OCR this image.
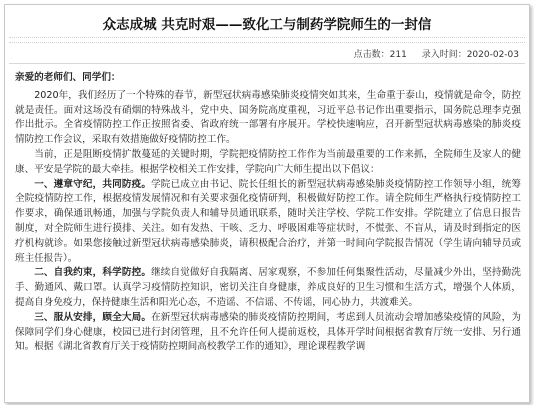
众志成城 共克时艰——致化工与制药学院师生的一封信
点击数：211 录入时间：2020-02-03
亲爱的老师们、同学们：

2020年，我们经历了一个特殊的春节，新型冠状病毒感染肺炎疫情突如其来，生命重于泰山，疫情就是命令，防控就是责任。面对这场没有硝烟的特殊战斗，党中央、国务院高度重视，习近平总书记作出重要指示，国务院总理李克强作出批示。全省疫情防控工作正按照省委、省政府统一部署有序展开。学校快速响应，召开新型冠状病毒感染的肺炎疫情防控工作会议，采取有效措施做好疫情防控工作。

当前，正是阻断疫情扩散蔓延的关键时期，学院把疫情防控工作作为当前最重要的工作来抓，全院师生及家人的健康、平安是学院的最大牵挂。根据学校相关工作安排，学院向广大师生提出以下倡议：

一、遵章守纪，共同防疫。学院已成立由书记、院长任组长的新型冠状病毒感染肺炎疫情防控工作领导小组，统筹全院疫情防控工作，根据疫情发展情况和有关要求强化疫情研判，积极做好防控工作。请全院师生严格执行疫情防控工作要求，确保通讯畅通，加强与学院负责人和辅导员通讯联系，随时关注学校、学院工作安排。学院建立了信息日报告制度，对全院师生进行摸排、关注。如有发热、干咳、乏力、呼吸困难等症状时，不慌张、不盲从，请及时到指定的医疗机构就诊。如果您接触过新型冠状病毒感染肺炎，请积极配合治疗，并第一时间向学院报告情况（学生请向辅导员或班主任报告）。

二、自我约束，科学防控。继续自觉做好自我隔离、居家观察，不参加任何集聚性活动，尽量减少外出，坚持勤洗手、勤通风、戴口罩。认真学习疫情防控知识，密切关注自身健康，养成良好的卫生习惯和生活方式，增强个人体质，提高自身免疫力，保持健康生活和阳光心态，不造谣、不信谣、不传谣，同心协力，共渡难关。

三、服从安排，顾全大局。在新型冠状病毒感染的肺炎疫情防控期间，考虑到人员流动会增加感染疫情的风险，为保障同学们身心健康，校园已进行封闭管理，且不允许任何人提前返校，具体开学时间根据省教育厅统一安排、另行通知。根据《湖北省教育厅关于疫情防控期间高校教学工作的通知》，理论课程教学调
